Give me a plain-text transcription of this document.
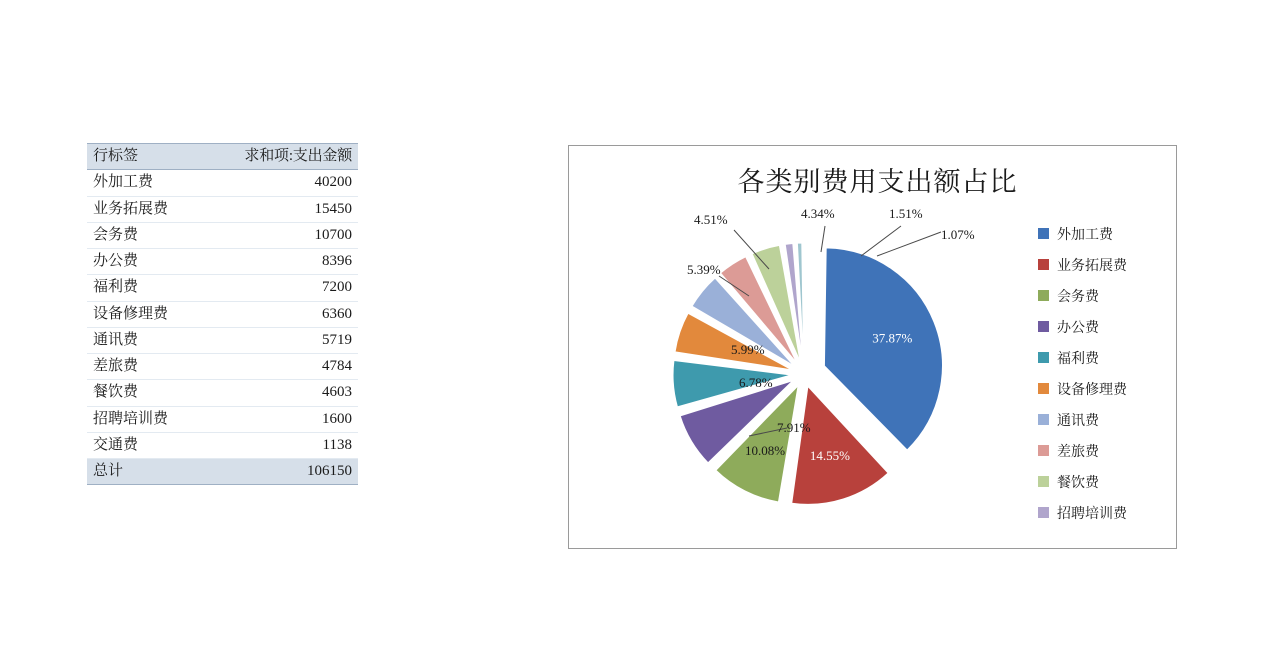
行标签	求和项:支出金额
外加工费	40200
业务拓展费	15450
会务费	10700
办公费	8396
福利费	7200
设备修理费	6360
通讯费	5719
差旅费	4784
餐饮费	4603
招聘培训费	1600
交通费	1138
总计	106150
各类别费用支出额占比
37.87%
14.55%
10.08%
7.91%
6.78%
5.99%
5.39%
4.51%	4.34%	1.51%
1.07%	外加工费
业务拓展费
会务费
办公费
福利费
设备修理费
通讯费
差旅费
餐饮费
招聘培训费
